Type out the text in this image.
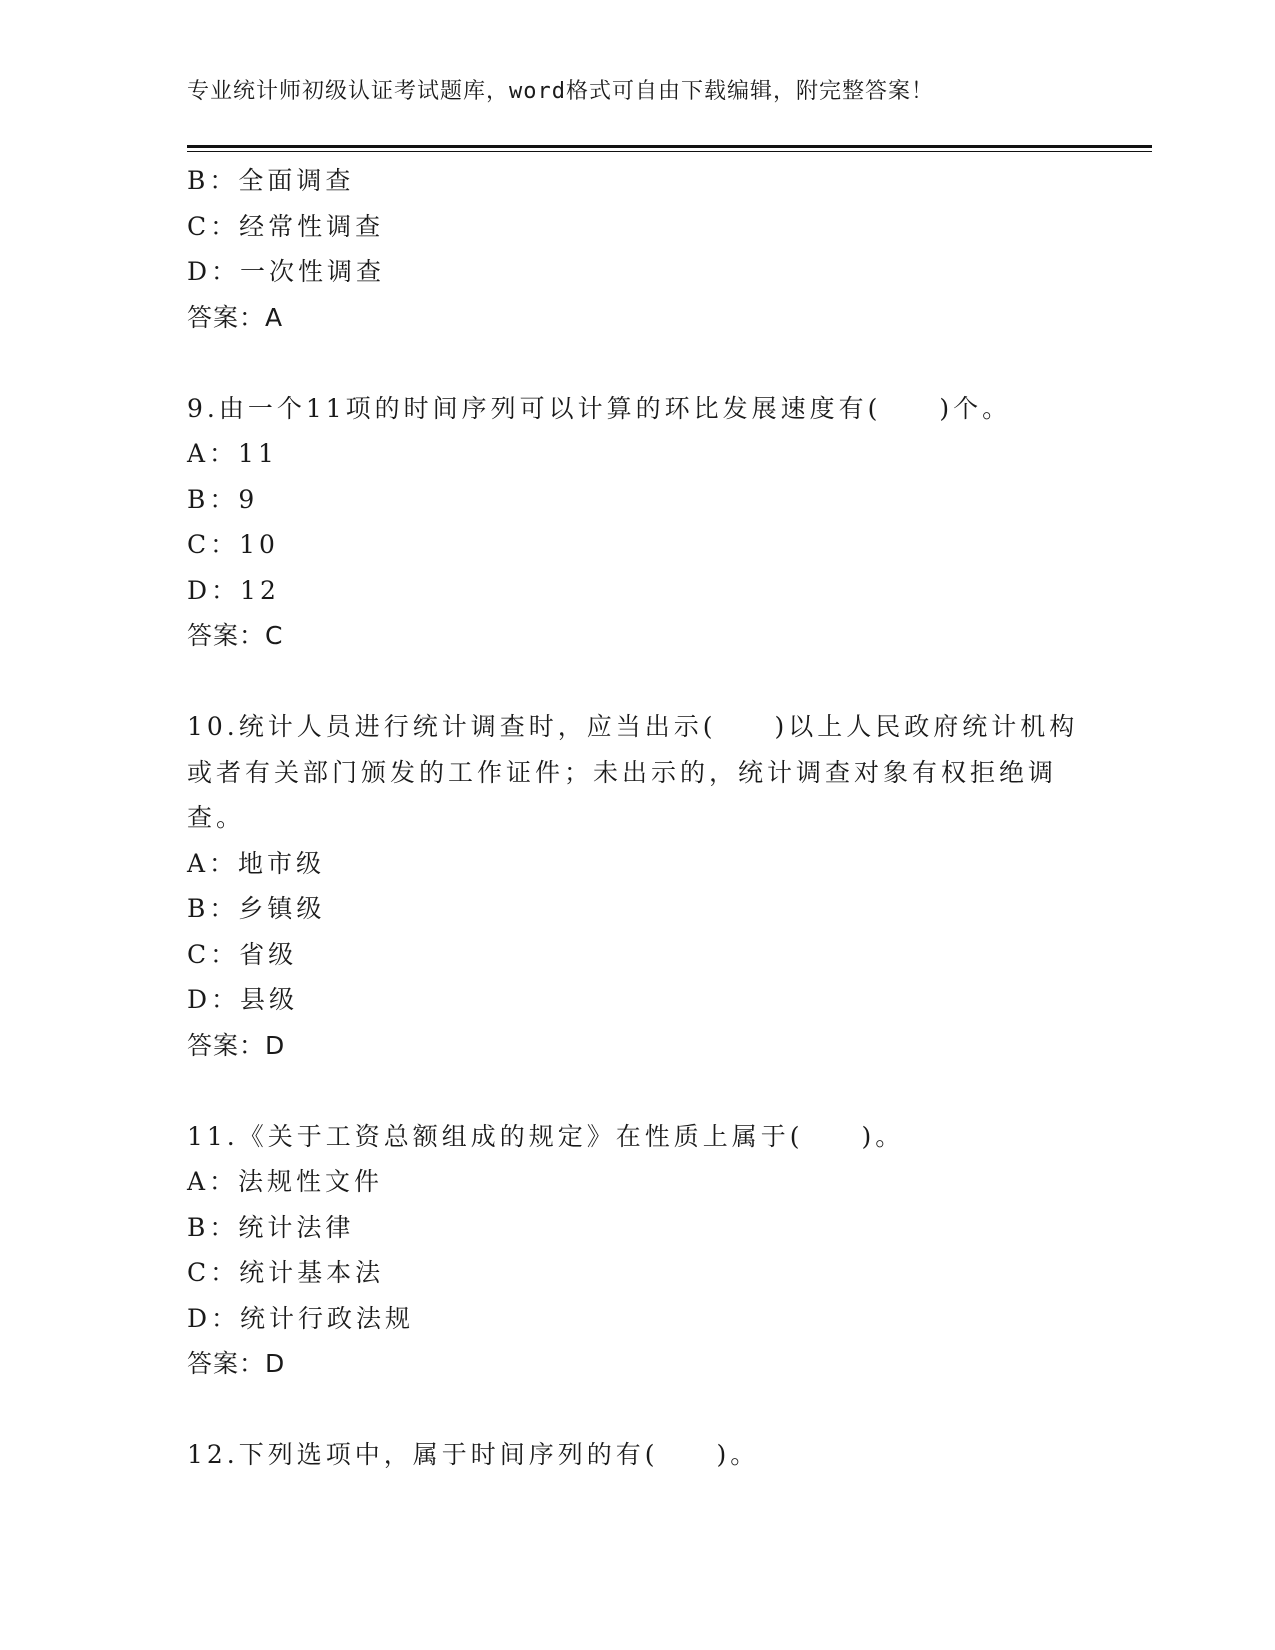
专业统计师初级认证考试题库，word格式可自由下载编辑，附完整答案！
B：全面调查
C：经常性调查
D：一次性调查
答案：A
9.由一个11项的时间序列可以计算的环比发展速度有(　　)个。
A：11
B：9
C：10
D：12
答案：C
10.统计人员进行统计调查时，应当出示(　　)以上人民政府统计机构
或者有关部门颁发的工作证件；未出示的，统计调查对象有权拒绝调
查。
A：地市级
B：乡镇级
C：省级
D：县级
答案：D
11.《关于工资总额组成的规定》在性质上属于(　　)。
A：法规性文件
B：统计法律
C：统计基本法
D：统计行政法规
答案：D
12.下列选项中，属于时间序列的有(　　)。
